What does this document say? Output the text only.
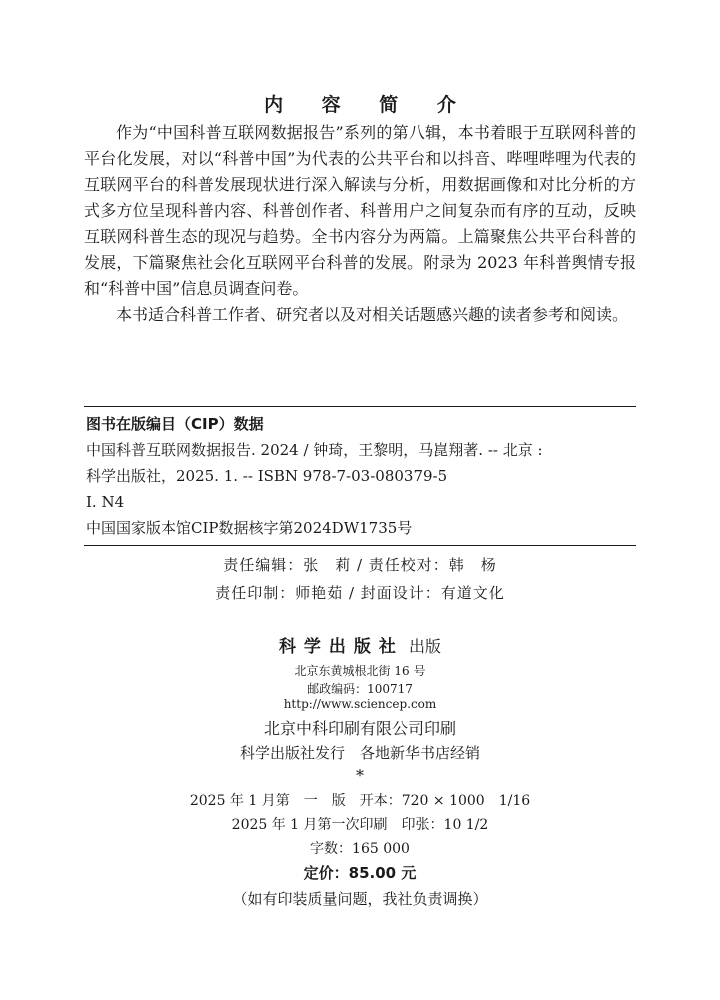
内 容 简 介

作为“中国科普互联网数据报告”系列的第八辑，本书着眼于互联网科普的平台化发展，对以“科普中国”为代表的公共平台和以抖音、哔哩哔哩为代表的互联网平台的科普发展现状进行深入解读与分析，用数据画像和对比分析的方式多方位呈现科普内容、科普创作者、科普用户之间复杂而有序的互动，反映互联网科普生态的现况与趋势。全书内容分为两篇。上篇聚焦公共平台科普的发展，下篇聚焦社会化互联网平台科普的发展。附录为 2023 年科普舆情专报和“科普中国”信息员调查问卷。

本书适合科普工作者、研究者以及对相关话题感兴趣的读者参考和阅读。

图书在版编目（CIP）数据
中国科普互联网数据报告. 2024 / 钟琦，王黎明，马崑翔著. -- 北京 :
科学出版社，2025. 1. -- ISBN 978-7-03-080379-5
I. N4
中国国家版本馆CIP数据核字第2024DW1735号
责任编辑：张　莉 / 责任校对：韩　杨
责任印制：师艳茹 / 封面设计：有道文化
科学出版社 出版
北京东黄城根北街 16 号
邮政编码：100717
http://www.sciencep.com
北京中科印刷有限公司印刷
科学出版社发行　各地新华书店经销
*
2025 年 1 月第　一　版　开本：720 × 1000　1/16
2025 年 1 月第一次印刷　印张：10 1/2
字数：165 000
定价：85.00 元
（如有印装质量问题，我社负责调换）
